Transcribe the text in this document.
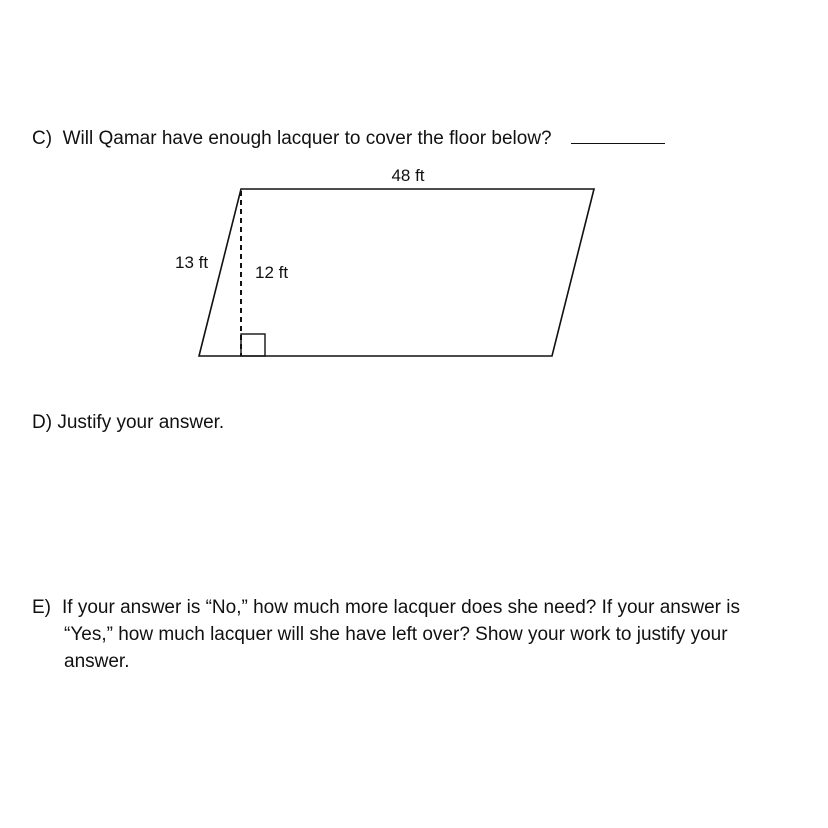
C) Will Qamar have enough lacquer to cover the floor below?
48 ft
13 ft
12 ft
D) Justify your answer.
E) If your answer is “No,” how much more lacquer does she need? If your answer is
“Yes,” how much lacquer will she have left over? Show your work to justify your
answer.
